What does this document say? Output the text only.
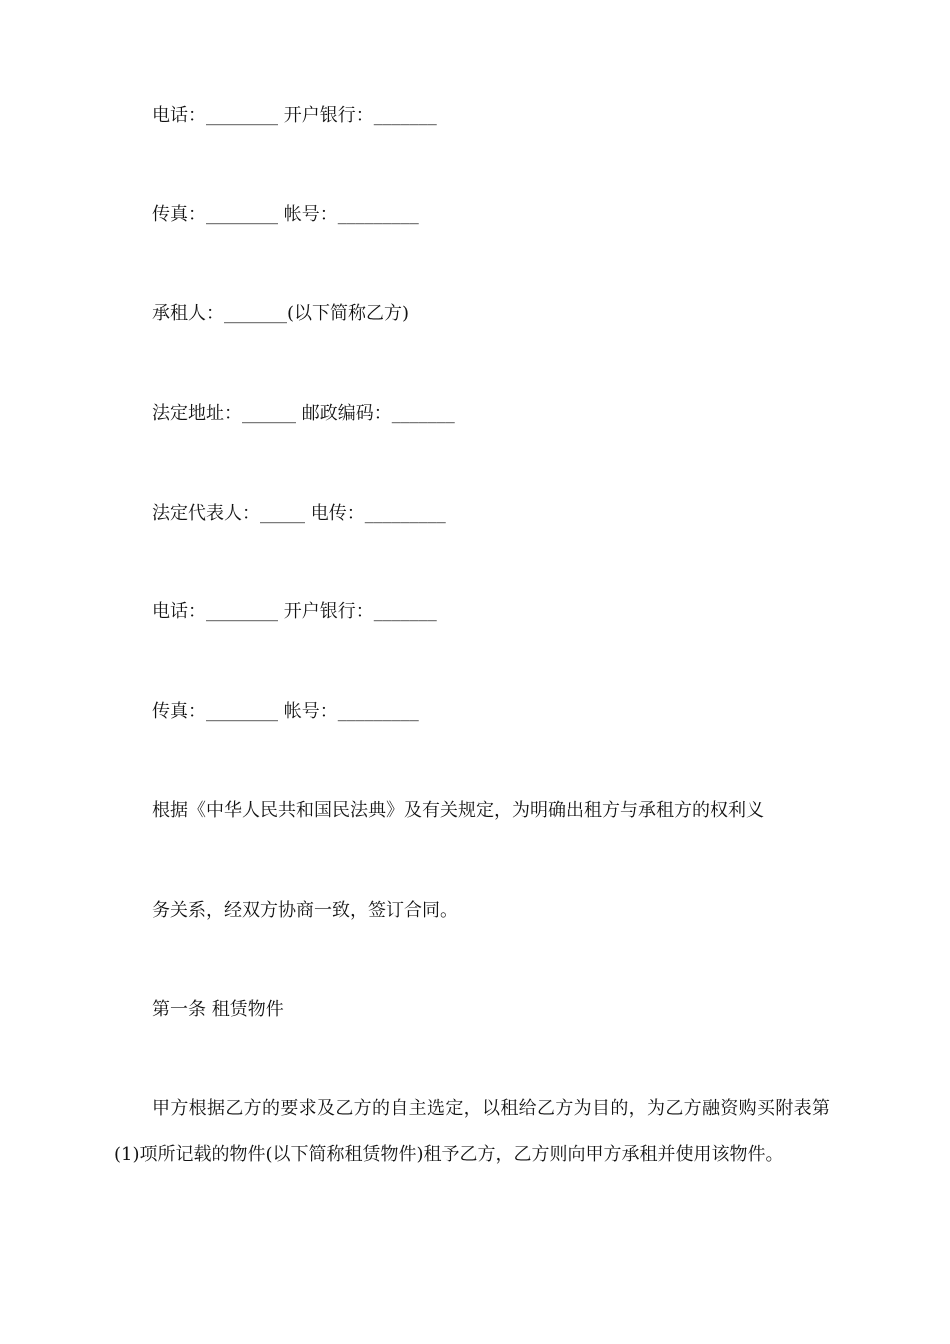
电话：________ 开户银行：_______
传真：________ 帐号：_________
承租人：_______(以下简称乙方)
法定地址：______ 邮政编码：_______
法定代表人：_____ 电传：_________
电话：________ 开户银行：_______
传真：________ 帐号：_________
根据《中华人民共和国民法典》及有关规定，为明确出租方与承租方的权利义
务关系，经双方协商一致，签订合同。
第一条 租赁物件

甲方根据乙方的要求及乙方的自主选定，以租给乙方为目的，为乙方融资购买附表第(1)项所记载的物件(以下简称租赁物件)租予乙方，乙方则向甲方承租并使用该物件。
